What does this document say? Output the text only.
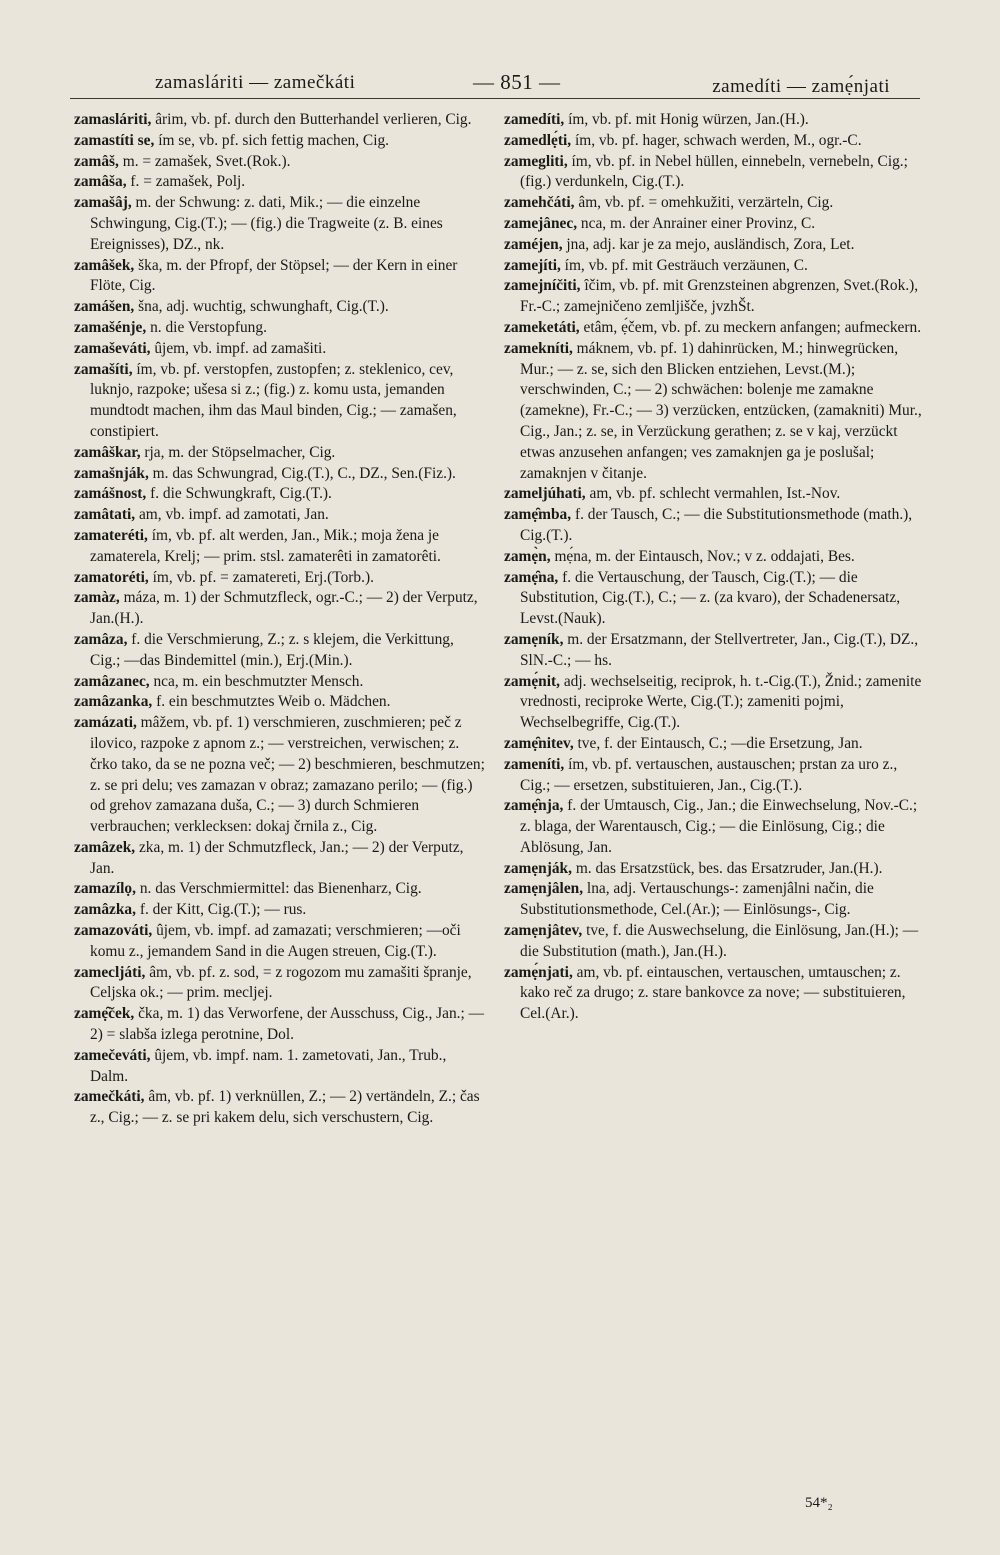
zamasláriti — zamečkáti	— 851 —	zamedíti — zamẹ́njati
zamasláriti, ârim, vb. pf. durch den Butterhandel verlieren, Cig.
zamastíti se, ím se, vb. pf. sich fettig machen, Cig.
zamâš, m. = zamašek, Svet.(Rok.).
zamâša, f. = zamašek, Polj.
zamašâj, m. der Schwung: z. dati, Mik.; — die einzelne Schwingung, Cig.(T.); — (fig.) die Tragweite (z. B. eines Ereignisses), DZ., nk.
zamâšek, ška, m. der Pfropf, der Stöpsel; — der Kern in einer Flöte, Cig.
zamášen, šna, adj. wuchtig, schwunghaft, Cig.(T.).
zamašénje, n. die Verstopfung.
zamaševáti, ûjem, vb. impf. ad zamašiti.
zamašíti, ím, vb. pf. verstopfen, zustopfen; z. steklenico, cev, luknjo, razpoke; ušesa si z.; (fig.) z. komu usta, jemanden mundtodt machen, ihm das Maul binden, Cig.; — zamašen, constipiert.
zamâškar, rja, m. der Stöpselmacher, Cig.
zamašnják, m. das Schwungrad, Cig.(T.), C., DZ., Sen.(Fiz.).
zamášnost, f. die Schwungkraft, Cig.(T.).
zamâtati, am, vb. impf. ad zamotati, Jan.
zamateréti, ím, vb. pf. alt werden, Jan., Mik.; moja žena je zamaterela, Krelj; — prim. stsl. zamaterêti in zamatorêti.
zamatoréti, ím, vb. pf. = zamatereti, Erj.(Torb.).
zamàz, máza, m. 1) der Schmutzfleck, ogr.-C.; — 2) der Verputz, Jan.(H.).
zamâza, f. die Verschmierung, Z.; z. s klejem, die Verkittung, Cig.; —das Bindemittel (min.), Erj.(Min.).
zamâzanec, nca, m. ein beschmutzter Mensch.
zamâzanka, f. ein beschmutztes Weib o. Mädchen.
zamázati, mâžem, vb. pf. 1) verschmieren, zuschmieren; peč z ilovico, razpoke z apnom z.; — verstreichen, verwischen; z. črko tako, da se ne pozna več; — 2) beschmieren, beschmutzen; z. se pri delu; ves zamazan v obraz; zamazano perilo; — (fig.) od grehov zamazana duša, C.; — 3) durch Schmieren verbrauchen; verklecksen: dokaj črnila z., Cig.
zamâzek, zka, m. 1) der Schmutzfleck, Jan.; — 2) der Verputz, Jan.
zamazílọ, n. das Verschmiermittel: das Bienenharz, Cig.
zamâzka, f. der Kitt, Cig.(T.); — rus.
zamazováti, ûjem, vb. impf. ad zamazati; verschmieren; —oči komu z., jemandem Sand in die Augen streuen, Cig.(T.).
zamecljáti, âm, vb. pf. z. sod, = z rogozom mu zamašiti špranje, Celjska ok.; — prim. mecljej.
zamẹ̑ček, čka, m. 1) das Verworfene, der Ausschuss, Cig., Jan.; — 2) = slabša izlega perotnine, Dol.
zamečeváti, ûjem, vb. impf. nam. 1. zametovati, Jan., Trub., Dalm.
zamečkáti, âm, vb. pf. 1) verknüllen, Z.; — 2) vertändeln, Z.; čas z., Cig.; — z. se pri kakem delu, sich verschustern, Cig.
zamedíti, ím, vb. pf. mit Honig würzen, Jan.(H.).
zamedlẹ́ti, ím, vb. pf. hager, schwach werden, M., ogr.-C.
zamegliti, ím, vb. pf. in Nebel hüllen, einnebeln, vernebeln, Cig.; (fig.) verdunkeln, Cig.(T.).
zamehčáti, âm, vb. pf. = omehkužiti, verzärteln, Cig.
zamejânec, nca, m. der Anrainer einer Provinz, C.
zaméjen, jna, adj. kar je za mejo, ausländisch, Zora, Let.
zamejíti, ím, vb. pf. mit Gesträuch verzäunen, C.
zamejníčiti, îčim, vb. pf. mit Grenzsteinen abgrenzen, Svet.(Rok.), Fr.-C.; zamejničeno zemljišče, jvzhŠt.
zameketáti, etâm, ẹ́čem, vb. pf. zu meckern anfangen; aufmeckern.
zamekníti, máknem, vb. pf. 1) dahinrücken, M.; hinwegrücken, Mur.; — z. se, sich den Blicken entziehen, Levst.(M.); verschwinden, C.; — 2) schwächen: bolenje me zamakne (zamekne), Fr.-C.; — 3) verzücken, entzücken, (zamakniti) Mur., Cig., Jan.; z. se, in Verzückung gerathen; z. se v kaj, verzückt etwas anzusehen anfangen; ves zamaknjen ga je poslušal; zamaknjen v čitanje.
zameljúhati, am, vb. pf. schlecht vermahlen, Ist.-Nov.
zamẹ̑mba, f. der Tausch, C.; — die Substitutionsmethode (math.), Cig.(T.).
zamẹ̀n, mẹ́na, m. der Eintausch, Nov.; v z. oddajati, Bes.
zamẹ̑na, f. die Vertauschung, der Tausch, Cig.(T.); — die Substitution, Cig.(T.), C.; — z. (za kvaro), der Schadenersatz, Levst.(Nauk).
zamẹník, m. der Ersatzmann, der Stellvertreter, Jan., Cig.(T.), DZ., SlN.-C.; — hs.
zamẹ́nit, adj. wechselseitig, reciprok, h. t.-Cig.(T.), Žnid.; zamenite vrednosti, reciproke Werte, Cig.(T.); zameniti pojmi, Wechselbegriffe, Cig.(T.).
zamẹ̑nitev, tve, f. der Eintausch, C.; —die Ersetzung, Jan.
zameníti, ím, vb. pf. vertauschen, austauschen; prstan za uro z., Cig.; — ersetzen, substituieren, Jan., Cig.(T.).
zamẹ̑nja, f. der Umtausch, Cig., Jan.; die Einwechselung, Nov.-C.; z. blaga, der Warentausch, Cig.; — die Einlösung, Cig.; die Ablösung, Jan.
zamẹnják, m. das Ersatzstück, bes. das Ersatzruder, Jan.(H.).
zamẹnjâlen, lna, adj. Vertauschungs-: zamenjâlni način, die Substitutionsmethode, Cel.(Ar.); — Einlösungs-, Cig.
zamẹnjâtev, tve, f. die Auswechselung, die Einlösung, Jan.(H.); — die Substitution (math.), Jan.(H.).
zamẹ́njati, am, vb. pf. eintauschen, vertauschen, umtauschen; z. kako reč za drugo; z. stare bankovce za nove; — substituieren, Cel.(Ar.).
54*₂
